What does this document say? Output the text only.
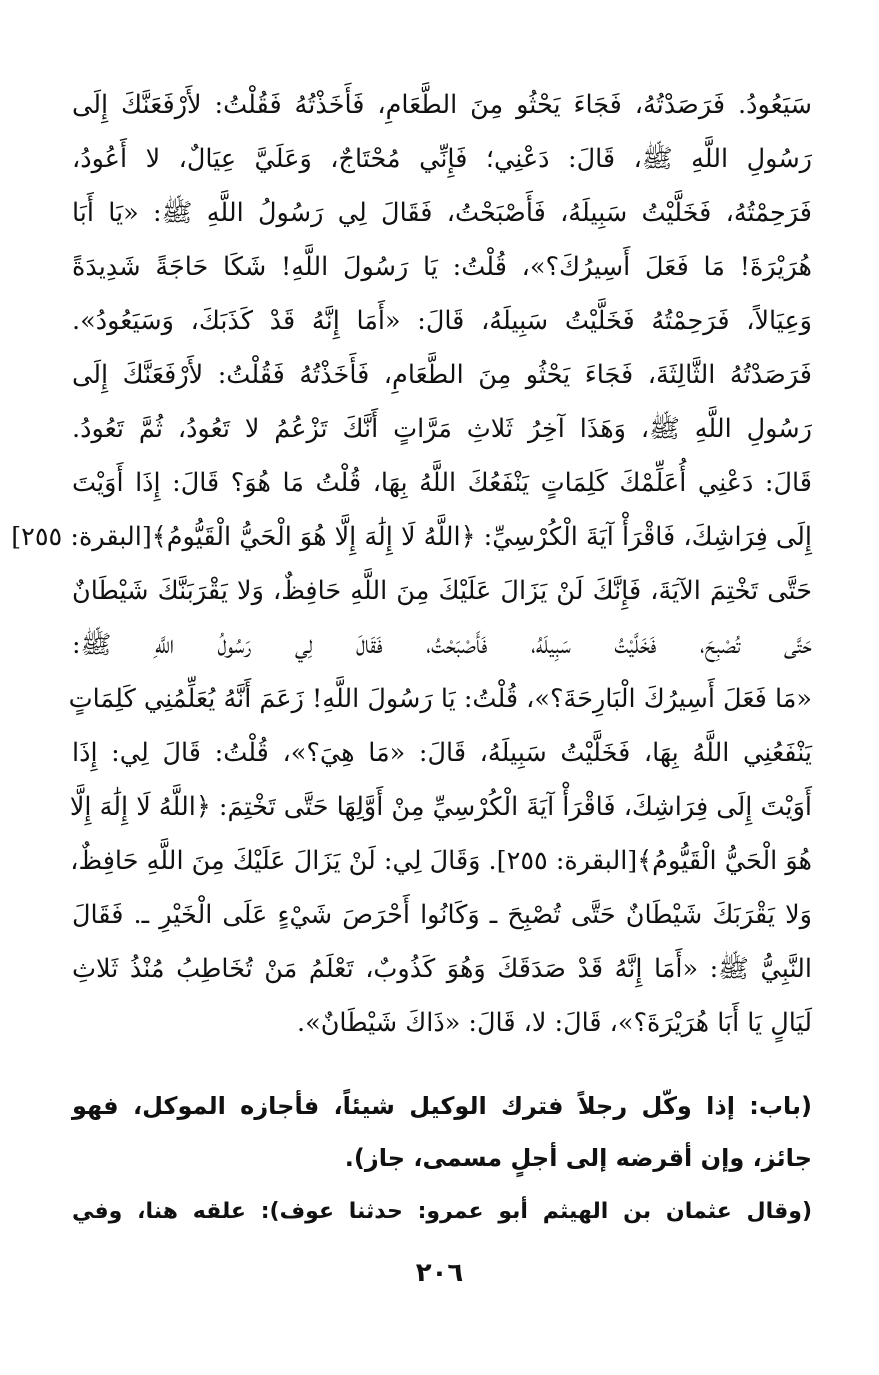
سَيَعُودُ. فَرَصَدْتُهُ، فَجَاءَ يَحْثُو مِنَ الطَّعَامِ، فَأَخَذْتُهُ فَقُلْتُ: لأَرْفَعَنَّكَ إِلَى
رَسُولِ اللَّهِ ﷺ، قَالَ: دَعْنِي؛ فَإِنِّي مُحْتَاجٌ، وَعَلَيَّ عِيَالٌ، لا أَعُودُ،
فَرَحِمْتُهُ، فَخَلَّيْتُ سَبِيلَهُ، فَأَصْبَحْتُ، فَقَالَ لِي رَسُولُ اللَّهِ ﷺ: «يَا أَبَا
هُرَيْرَةَ! مَا فَعَلَ أَسِيرُكَ؟»، قُلْتُ: يَا رَسُولَ اللَّهِ! شَكَا حَاجَةً شَدِيدَةً
وَعِيَالاً، فَرَحِمْتُهُ فَخَلَّيْتُ سَبِيلَهُ، قَالَ: «أَمَا إِنَّهُ قَدْ كَذَبَكَ، وَسَيَعُودُ».
فَرَصَدْتُهُ الثَّالِثَةَ، فَجَاءَ يَحْثُو مِنَ الطَّعَامِ، فَأَخَذْتُهُ فَقُلْتُ: لأَرْفَعَنَّكَ إِلَى
رَسُولِ اللَّهِ ﷺ، وَهَذَا آخِرُ ثَلاثِ مَرَّاتٍ أَنَّكَ تَزْعُمُ لا تَعُودُ، ثُمَّ تَعُودُ.
قَالَ: دَعْنِي أُعَلِّمْكَ كَلِمَاتٍ يَنْفَعُكَ اللَّهُ بِهَا، قُلْتُ مَا هُوَ؟ قَالَ: إِذَا أَوَيْتَ
إِلَى فِرَاشِكَ، فَاقْرَأْ آيَةَ الْكُرْسِيِّ: ﴿اللَّهُ لَا إِلَٰهَ إِلَّا هُوَ الْحَيُّ الْقَيُّومُ﴾[البقرة: ٢٥٥]
حَتَّى تَخْتِمَ الآيَةَ، فَإِنَّكَ لَنْ يَزَالَ عَلَيْكَ مِنَ اللَّهِ حَافِظٌ، وَلا يَقْرَبَنَّكَ شَيْطَانٌ
حَتَّى تُصْبِحَ، فَخَلَّيْتُ سَبِيلَهُ، فَأَصْبَحْتُ، فَقَالَ لِي رَسُولُ اللَّهِ ﷺ:
«مَا فَعَلَ أَسِيرُكَ الْبَارِحَةَ؟»، قُلْتُ: يَا رَسُولَ اللَّهِ! زَعَمَ أَنَّهُ يُعَلِّمُنِي كَلِمَاتٍ
يَنْفَعُنِي اللَّهُ بِهَا، فَخَلَّيْتُ سَبِيلَهُ، قَالَ: «مَا هِيَ؟»، قُلْتُ: قَالَ لِي: إِذَا
أَوَيْتَ إِلَى فِرَاشِكَ، فَاقْرَأْ آيَةَ الْكُرْسِيِّ مِنْ أَوَّلِهَا حَتَّى تَخْتِمَ: ﴿اللَّهُ لَا إِلَٰهَ إِلَّا
هُوَ الْحَيُّ الْقَيُّومُ﴾[البقرة: ٢٥٥]. وَقَالَ لِي: لَنْ يَزَالَ عَلَيْكَ مِنَ اللَّهِ حَافِظٌ،
وَلا يَقْرَبَكَ شَيْطَانٌ حَتَّى تُصْبِحَ ـ وَكَانُوا أَحْرَصَ شَيْءٍ عَلَى الْخَيْرِ ـ. فَقَالَ
النَّبِيُّ ﷺ: «أَمَا إِنَّهُ قَدْ صَدَقَكَ وَهُوَ كَذُوبٌ، تَعْلَمُ مَنْ تُخَاطِبُ مُنْذُ ثَلاثِ
لَيَالٍ يَا أَبَا هُرَيْرَةَ؟»، قَالَ: لا، قَالَ: «ذَاكَ شَيْطَانٌ».
(باب: إذا وكّل رجلاً فترك الوكيل شيئاً، فأجازه الموكل، فهو
جائز، وإن أقرضه إلى أجلٍ مسمى، جاز).
(وقال عثمان بن الهيثم أبو عمرو: حدثنا عوف): علقه هنا، وفي
٢٠٦
